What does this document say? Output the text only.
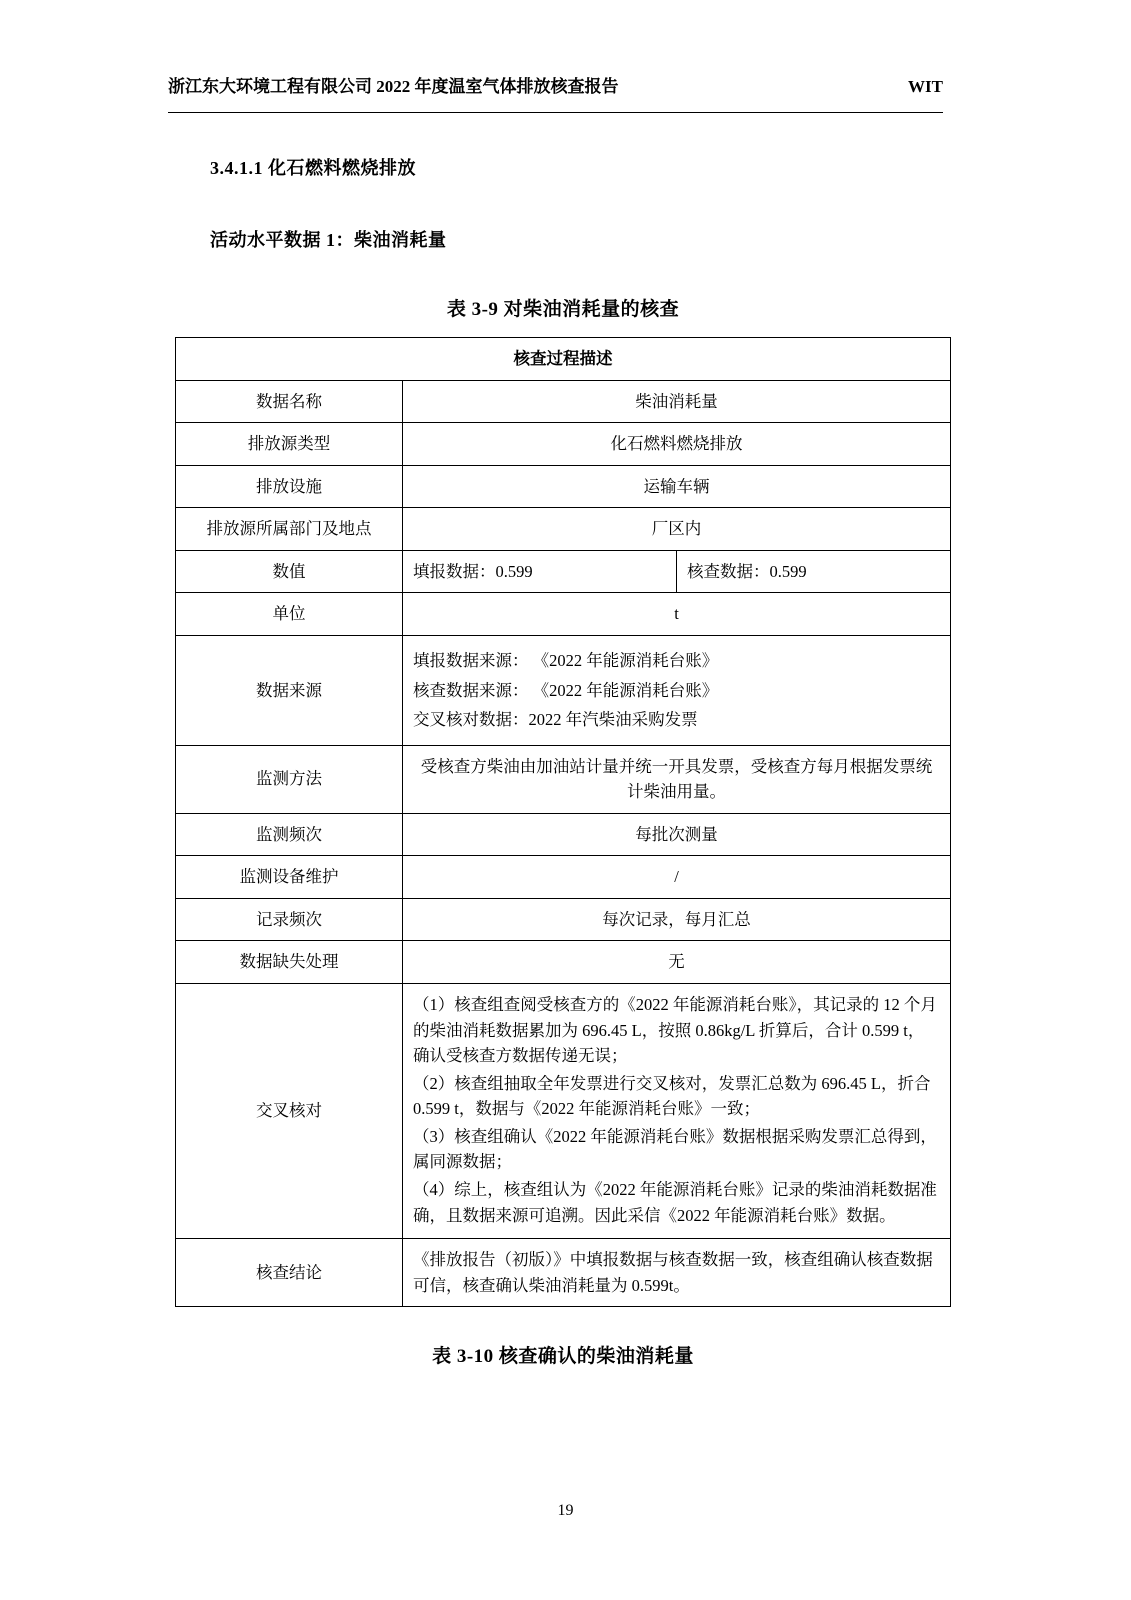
浙江东大环境工程有限公司 2022 年度温室气体排放核查报告	WIT
3.4.1.1 化石燃料燃烧排放
活动水平数据 1：柴油消耗量
表 3-9 对柴油消耗量的核查
核查过程描述		
数据名称	柴油消耗量	
排放源类型	化石燃料燃烧排放	
排放设施	运输车辆	
排放源所属部门及地点	厂区内	
数值	填报数据：0.599	核查数据：0.599
单位	t	
数据来源	填报数据来源： 《2022 年能源消耗台账》
核查数据来源： 《2022 年能源消耗台账》
交叉核对数据：2022 年汽柴油采购发票	

监测方法	受核查方柴油由加油站计量并统一开具发票，受核查方每月根据发票统计柴油用量。	
监测频次	每批次测量	
监测设备维护	/	
记录频次	每次记录，每月汇总	
数据缺失处理	无	
交叉核对	（1）核查组查阅受核查方的《2022 年能源消耗台账》，其记录的 12 个月的柴油消耗数据累加为 696.45 L，按照 0.86kg/L 折算后，合计 0.599 t，确认受核查方数据传递无误；

（2）核查组抽取全年发票进行交叉核对，发票汇总数为 696.45 L，折合 0.599 t，数据与《2022 年能源消耗台账》一致；

（3）核查组确认《2022 年能源消耗台账》数据根据采购发票汇总得到，属同源数据；

（4）综上，核查组认为《2022 年能源消耗台账》记录的柴油消耗数据准确，且数据来源可追溯。因此采信《2022 年能源消耗台账》数据。	

核查结论	《排放报告（初版）》中填报数据与核查数据一致，核查组确认核查数据可信，核查确认柴油消耗量为 0.599t。	
表 3-10 核查确认的柴油消耗量
19
